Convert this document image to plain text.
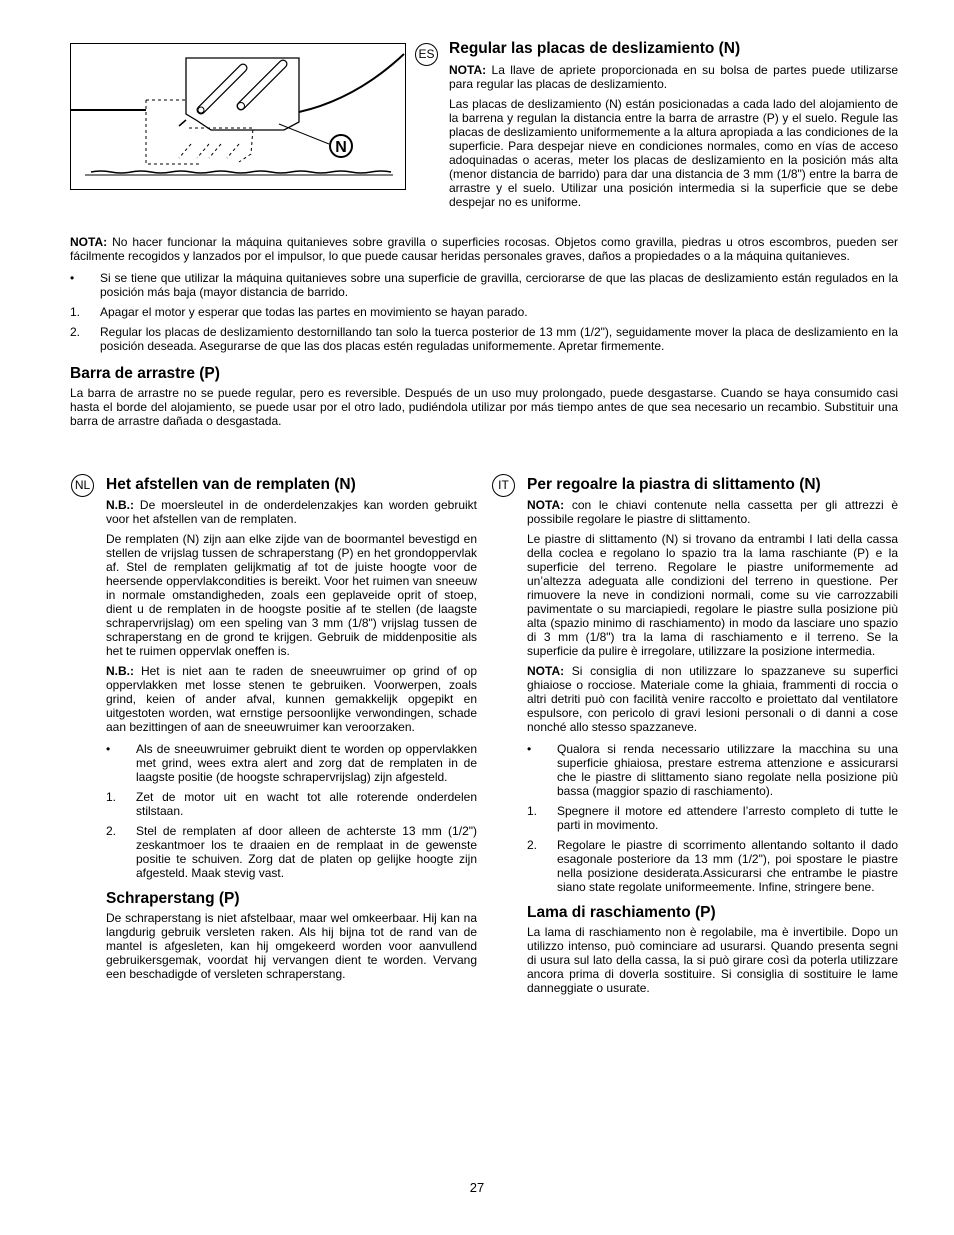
N
ES Regular las placas de deslizamiento (N)

NOTA: La llave de apriete proporcionada en su bolsa de partes puede utilizarse para regular las placas de deslizamiento.

Las placas de deslizamiento (N) están posicionadas a cada lado del alojamiento de la barrena y regulan la distancia entre la barra de arrastre (P) y el suelo. Regule las placas de deslizamiento uniformemente a la altura apropiada a las condiciones de la superficie. Para despejar nieve en condiciones normales, como en vías de acceso adoquinadas o aceras, meter los placas de deslizamiento en la posición más alta (menor distancia de barrido) para dar una distancia de 3 mm (1/8") entre la barra de arrastre y el suelo. Utilizar una posición intermedia si la superficie que se debe despejar no es uniforme.

NOTA: No hacer funcionar la máquina quitanieves sobre gravilla o superficies rocosas. Objetos como gravilla, piedras u otros escombros, pueden ser fácilmente recogidos y lanzados por el impulsor, lo que puede causar heridas personales graves, daños a propiedades o a la máquina quitanieves.

• Si se tiene que utilizar la máquina quitanieves sobre una superficie de gravilla, cerciorarse de que las placas de deslizamiento están regulados en la posición más baja (mayor distancia de barrido.
1. Apagar el motor y esperar que todas las partes en movimiento se hayan parado.
2. Regular los placas de deslizamiento destornillando tan solo la tuerca posterior de 13 mm (1/2"), seguidamente mover la placa de deslizamiento en la posición deseada. Asegurarse de que las dos placas estén reguladas uniformemente. Apretar firmemente.
Barra de arrastre (P)

La barra de arrastre no se puede regular, pero es reversible. Después de un uso muy prolongado, puede desgastarse. Cuando se haya consumido casi hasta el borde del alojamiento, se puede usar por el otro lado, pudiéndola utilizar por más tiempo antes de que sea necesario un recambio. Substituir una barra de arrastre dañada o desgastada.

NL Het afstellen van de remplaten (N)

N.B.: De moersleutel in de onderdelenzakjes kan worden gebruikt voor het afstellen van de remplaten.

De remplaten (N) zijn aan elke zijde van de boormantel bevestigd en stellen de vrijslag tussen de schraperstang (P) en het grondoppervlak af. Stel de remplaten gelijkmatig af tot de juiste hoogte voor de heersende oppervlakcondities is bereikt. Voor het ruimen van sneeuw in normale omstandigheden, zoals een geplaveide oprit of stoep, dient u de remplaten in de hoogste positie af te stellen (de laagste schrapervrijslag) om een speling van 3 mm (1/8") vrijslag tussen de schraperstang en de grond te krijgen. Gebruik de middenpositie als het te ruimen oppervlak oneffen is.

N.B.: Het is niet aan te raden de sneeuwruimer op grind of op oppervlakken met losse stenen te gebruiken. Voorwerpen, zoals grind, keien of ander afval, kunnen gemakkelijk opgepikt en uitgestoten worden, wat ernstige persoonlijke verwondingen, schade aan bezittingen of aan de sneeuwruimer kan veroorzaken.

• Als de sneeuwruimer gebruikt dient te worden op oppervlakken met grind, wees extra alert and zorg dat de remplaten in de laagste positie (de hoogste schrapervrijslag) zijn afgesteld.
1. Zet de motor uit en wacht tot alle roterende onderdelen stilstaan.
2. Stel de remplaten af door alleen de achterste 13 mm (1/2") zeskantmoer los te draaien en de remplaat in de gewenste positie te schuiven. Zorg dat de platen op gelijke hoogte zijn afgesteld. Maak stevig vast.
Schraperstang (P)

De schraperstang is niet afstelbaar, maar wel omkeerbaar. Hij kan na langdurig gebruik versleten raken. Als hij bijna tot de rand van de mantel is afgesleten, kan hij omgekeerd worden voor aanvullend gebruikersgemak, voordat hij vervangen dient te worden. Vervang een beschadigde of versleten schraperstang.

IT	Per regoalre la piastra di slittamento (N)

NOTA: con le chiavi contenute nella cassetta per gli attrezzi è possibile regolare le piastre di slittamento.

Le piastre di slittamento (N) si trovano da entrambi I lati della cassa della coclea e regolano lo spazio tra la lama raschiante (P) e la superficie del terreno. Regolare le piastre uniformemente ad un’altezza adeguata alle condizioni del terreno in questione. Per rimuovere la neve in condizioni normali, come su vie carrozzabili pavimentate o su marciapiedi, regolare le piastre sulla posizione più alta (spazio minimo di raschiamento) in modo da lasciare uno spazio di 3 mm (1/8") tra la lama di raschiamento e il terreno. Se la superficie da pulire è irregolare, utilizzare la posizione intermedia.

NOTA: Si consiglia di non utilizzare lo spazzaneve su superfici ghiaiose o rocciose. Materiale come la ghiaia, frammenti di roccia o altri detriti può con facilità venire raccolto e proiettato dal ventilatore espulsore, con pericolo di gravi lesioni personali o di danni a cose nonché allo stesso spazzaneve.

• Qualora si renda necessario utilizzare la macchina su una superficie ghiaiosa, prestare estrema attenzione e assicurarsi che le piastre di slittamento siano regolate nella posizione più bassa (maggior spazio di raschiamento).
1. Spegnere il motore ed attendere l’arresto completo di tutte le parti in movimento.
2. Regolare le piastre di scorrimento allentando soltanto il dado esagonale posteriore da 13 mm (1/2"), poi spostare le piastre nella posizione desiderata.Assicurarsi che entrambe le piastre siano state regolate uniformeemente. Infine, stringere bene.
Lama di raschiamento (P)

La lama di raschiamento non è regolabile, ma è invertibile. Dopo un utilizzo intenso, può cominciare ad usurarsi. Quando presenta segni di usura sul lato della cassa, la si può girare così da poterla utilizzare ancora prima di doverla sostituire. Si consiglia di sostituire le lame danneggiate o usurate.

27
